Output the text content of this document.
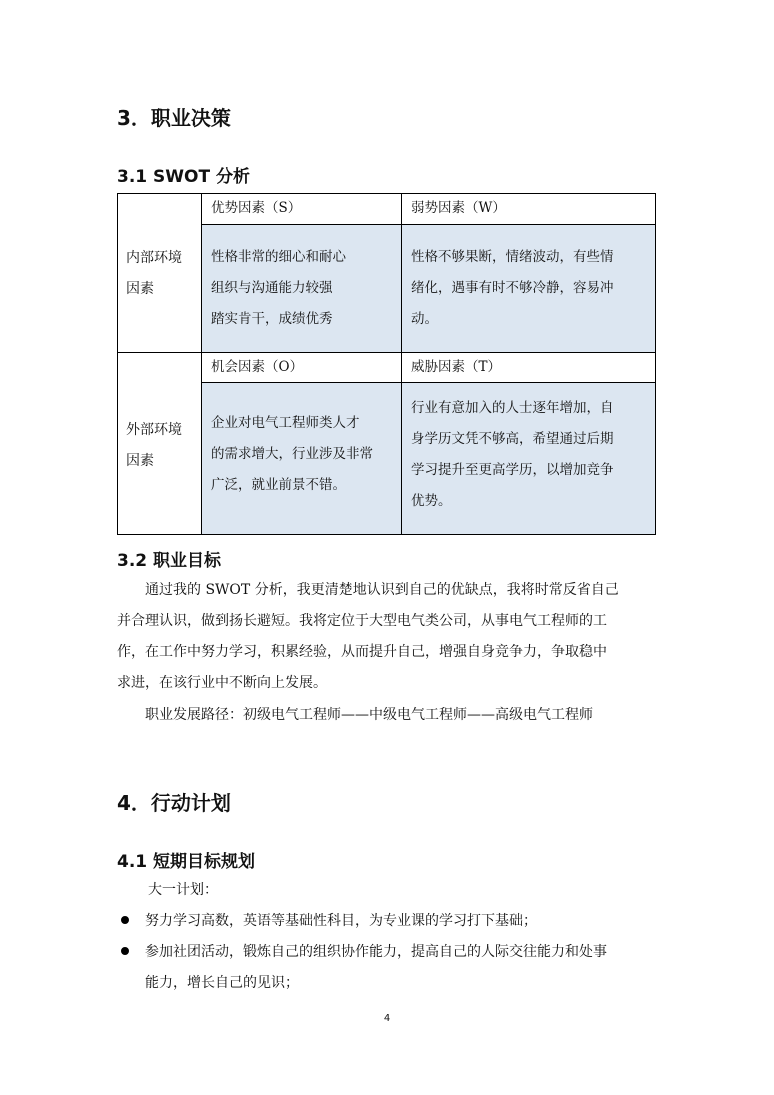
3．职业决策
3.1 SWOT 分析
内部环境
因素
外部环境
因素
优势因素（S）	弱势因素（W）
机会因素（O）	威胁因素（T）
性格非常的细心和耐心
组织与沟通能力较强
踏实肯干，成绩优秀
性格不够果断，情绪波动，有些情
绪化，遇事有时不够冷静，容易冲
动。
企业对电气工程师类人才
的需求增大，行业涉及非常
广泛，就业前景不错。
行业有意加入的人士逐年增加，自
身学历文凭不够高，希望通过后期
学习提升至更高学历，以增加竞争
优势。
3.2 职业目标
通过我的 SWOT 分析，我更清楚地认识到自己的优缺点，我将时常反省自己
并合理认识，做到扬长避短。我将定位于大型电气类公司，从事电气工程师的工
作，在工作中努力学习，积累经验，从而提升自己，增强自身竞争力，争取稳中
求进，在该行业中不断向上发展。
职业发展路径：初级电气工程师——中级电气工程师——高级电气工程师
4．行动计划
4.1 短期目标规划
大一计划：
努力学习高数，英语等基础性科目，为专业课的学习打下基础；
参加社团活动，锻炼自己的组织协作能力，提高自己的人际交往能力和处事
能力，增长自己的见识；
4
